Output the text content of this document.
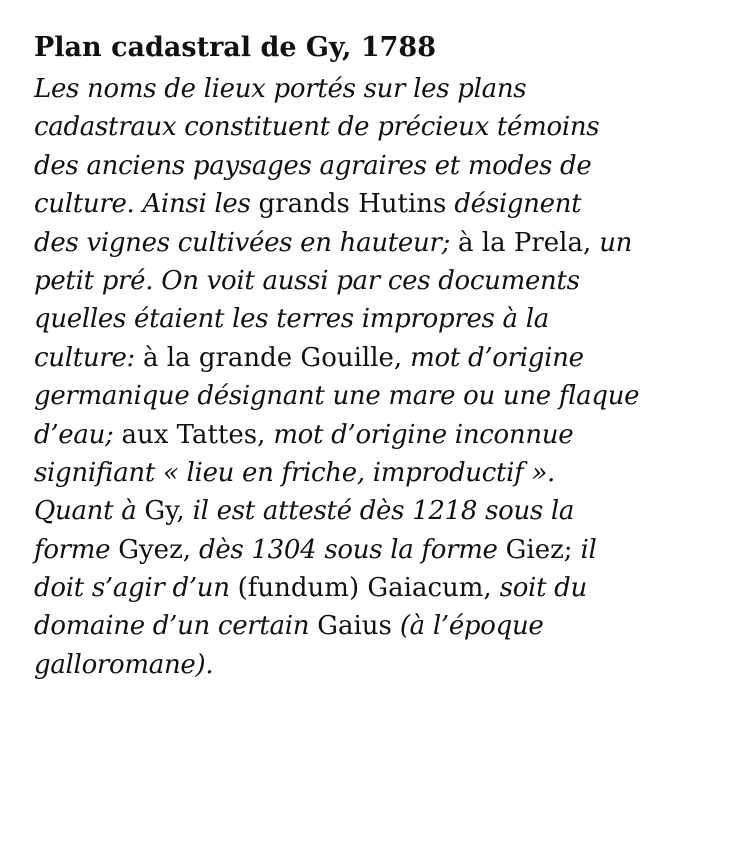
Plan cadastral de Gy, 1788

Les noms de lieux portés sur les plans
cadastraux constituent de précieux témoins
des anciens paysages agraires et modes de
culture. Ainsi les grands Hutins désignent
des vignes cultivées en hauteur; à la Prela, un
petit pré. On voit aussi par ces documents
quelles étaient les terres impropres à la
culture: à la grande Gouille, mot d’origine
germanique désignant une mare ou une flaque
d’eau; aux Tattes, mot d’origine inconnue
signifiant « lieu en friche, improductif ».
Quant à Gy, il est attesté dès 1218 sous la
forme Gyez, dès 1304 sous la forme Giez; il
doit s’agir d’un (fundum) Gaiacum, soit du
domaine d’un certain Gaius (à l’époque
galloromane).
